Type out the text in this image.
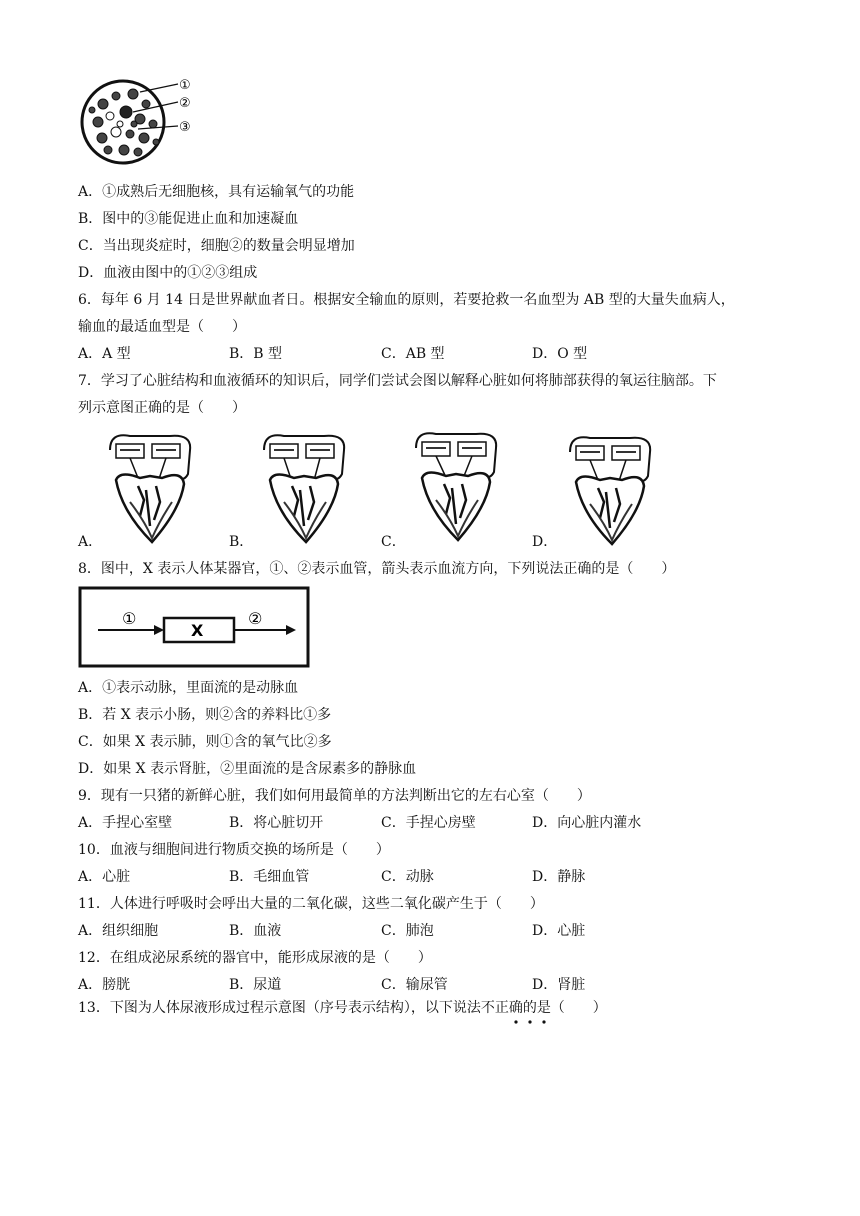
①
②
③
A．①成熟后无细胞核，具有运输氧气的功能
B．图中的③能促进止血和加速凝血
C．当出现炎症时，细胞②的数量会明显增加
D．血液由图中的①②③组成
6．每年 6 月 14 日是世界献血者日。根据安全输血的原则，若要抢救一名血型为 AB 型的大量失血病人，
输血的最适血型是（　　）
A．A 型	B．B 型	C．AB 型	D．O 型
7．学习了心脏结构和血液循环的知识后，同学们尝试会图以解释心脏如何将肺部获得的氧运往脑部。下
列示意图正确的是（　　）
A．	B．	C．	D．
8．图中，X 表示人体某器官，①、②表示血管，箭头表示血流方向，下列说法正确的是（　　）
①
X
②
A．①表示动脉，里面流的是动脉血
B．若 X 表示小肠，则②含的养料比①多
C．如果 X 表示肺，则①含的氧气比②多
D．如果 X 表示肾脏，②里面流的是含尿素多的静脉血
9．现有一只猪的新鲜心脏，我们如何用最简单的方法判断出它的左右心室（　　）
A．手捏心室壁	B．将心脏切开	C．手捏心房壁	D．向心脏内灌水
10．血液与细胞间进行物质交换的场所是（　　）
A．心脏	B．毛细血管	C．动脉	D．静脉
11．人体进行呼吸时会呼出大量的二氧化碳，这些二氧化碳产生于（　　）
A．组织细胞	B．血液	C．肺泡	D．心脏
12．在组成泌尿系统的器官中，能形成尿液的是（　　）
A．膀胱	B．尿道	C．输尿管	D．肾脏
13．下图为人体尿液形成过程示意图（序号表示结构），以下说法不正确的是（　　）
